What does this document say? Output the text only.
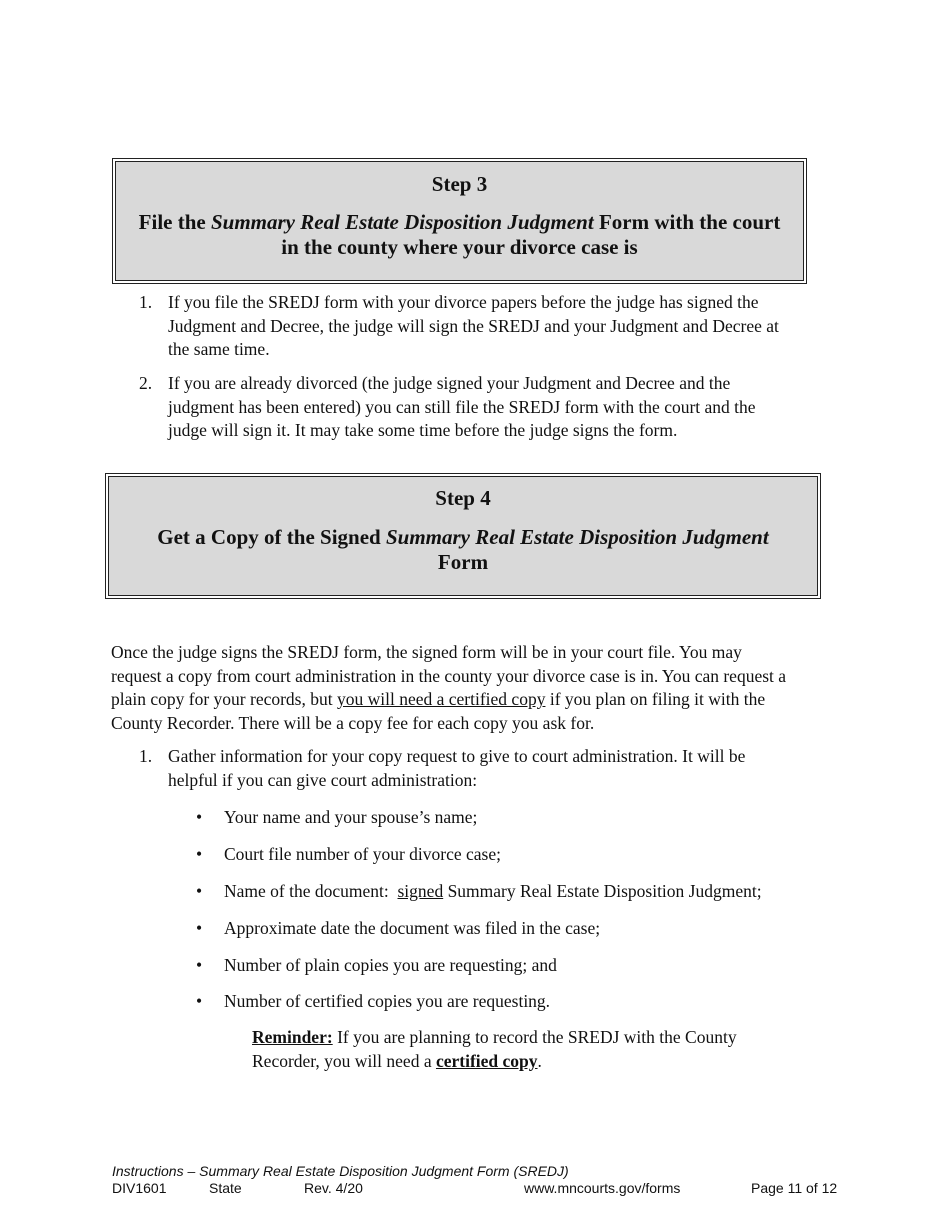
Step 3
File the Summary Real Estate Disposition Judgment Form with the court
in the county where your divorce case is
1. If you file the SREDJ form with your divorce papers before the judge has signed the
Judgment and Decree, the judge will sign the SREDJ and your Judgment and Decree at
the same time.
2. If you are already divorced (the judge signed your Judgment and Decree and the
judgment has been entered) you can still file the SREDJ form with the court and the
judge will sign it. It may take some time before the judge signs the form.
Step 4
Get a Copy of the Signed Summary Real Estate Disposition Judgment
Form
Once the judge signs the SREDJ form, the signed form will be in your court file. You may
request a copy from court administration in the county your divorce case is in. You can request a
plain copy for your records, but you will need a certified copy if you plan on filing it with the
County Recorder. There will be a copy fee for each copy you ask for.
1. Gather information for your copy request to give to court administration. It will be
helpful if you can give court administration:
• Your name and your spouse’s name;
• Court file number of your divorce case;
• Name of the document:  signed Summary Real Estate Disposition Judgment;
• Approximate date the document was filed in the case;
• Number of plain copies you are requesting; and
• Number of certified copies you are requesting.
Reminder: If you are planning to record the SREDJ with the County
Recorder, you will need a certified copy.
Instructions – Summary Real Estate Disposition Judgment Form (SREDJ)
DIV1601	State	Rev. 4/20	www.mncourts.gov/forms	Page 11 of 12
